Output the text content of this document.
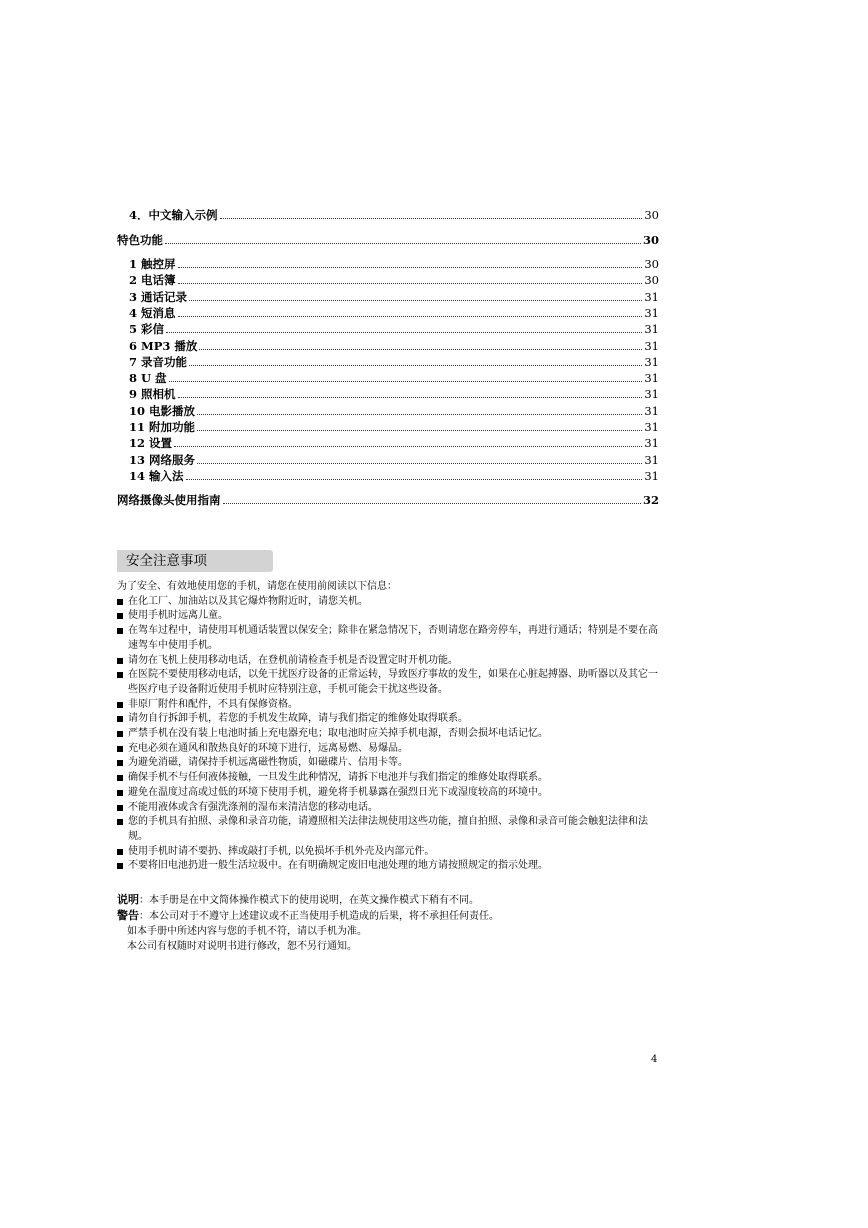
4．中文输入示例	30
特色功能	30
1 触控屏	30
2 电话簿	30
3 通话记录	31
4 短消息	31
5 彩信	31
6 MP3 播放	31
7 录音功能	31
8 U 盘	31
9 照相机	31
10 电影播放	31
11 附加功能	31
12 设置	31
13 网络服务	31
14 输入法	31
网络摄像头使用指南	32
安全注意事项

为了安全、有效地使用您的手机，请您在使用前阅读以下信息：

在化工厂、加油站以及其它爆炸物附近时，请您关机。
使用手机时远离儿童。
在驾车过程中，请使用耳机通话装置以保安全；除非在紧急情况下，否则请您在路旁停车，再进行通话；特别是不要在高速驾车中使用手机。
请勿在飞机上使用移动电话，在登机前请检查手机是否设置定时开机功能。
在医院不要使用移动电话，以免干扰医疗设备的正常运转，导致医疗事故的发生，如果在心脏起搏器、助听器以及其它一些医疗电子设备附近使用手机时应特别注意，手机可能会干扰这些设备。
非原厂附件和配件，不具有保修资格。
请勿自行拆卸手机，若您的手机发生故障，请与我们指定的维修处取得联系。
严禁手机在没有装上电池时插上充电器充电；取电池时应关掉手机电源，否则会损坏电话记忆。
充电必须在通风和散热良好的环境下进行，远离易燃、易爆品。
为避免消磁，请保持手机远离磁性物质，如磁碟片、信用卡等。
确保手机不与任何液体接触，一旦发生此种情况，请拆下电池并与我们指定的维修处取得联系。
避免在温度过高或过低的环境下使用手机，避免将手机暴露在强烈日光下或湿度较高的环境中。
不能用液体或含有强洗涤剂的湿布来清洁您的移动电话。
您的手机具有拍照、录像和录音功能，请遵照相关法律法规使用这些功能，擅自拍照、录像和录音可能会触犯法律和法规。
使用手机时请不要扔、摔或敲打手机, 以免损坏手机外壳及内部元件。
不要将旧电池扔进一般生活垃圾中。在有明确规定废旧电池处理的地方请按照规定的指示处理。

说明：本手册是在中文简体操作模式下的使用说明，在英文操作模式下稍有不同。

警告：本公司对于不遵守上述建议或不正当使用手机造成的后果，将不承担任何责任。

如本手册中所述内容与您的手机不符，请以手机为准。

本公司有权随时对说明书进行修改，恕不另行通知。

4
